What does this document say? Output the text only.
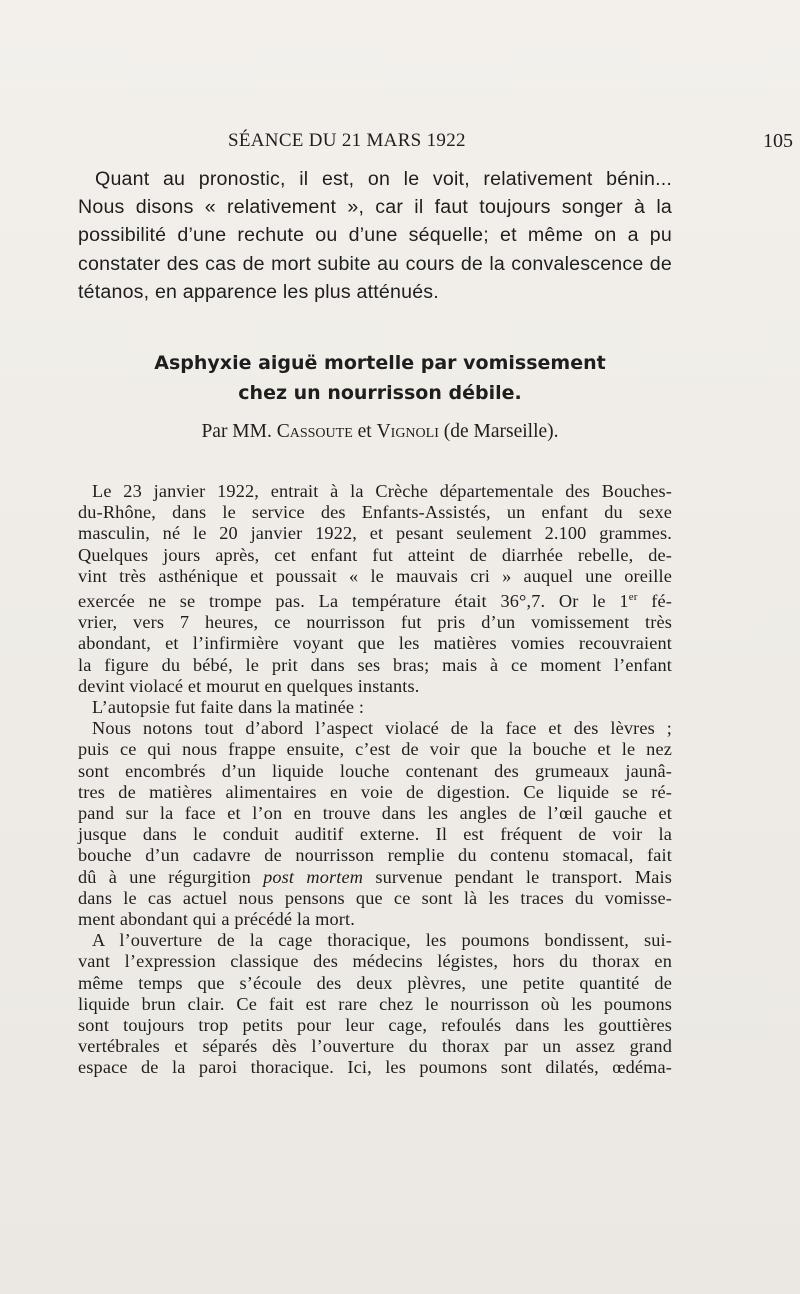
SÉANCE DU 21 MARS 1922	105
Quant au pronostic, il est, on le voit, relativement bénin...
Nous disons « relativement », car il faut toujours songer à la
possibilité d’une rechute ou d’une séquelle; et même on a pu
constater des cas de mort subite au cours de la convalescence de
tétanos, en apparence les plus atténués.
Asphyxie aiguë mortelle par vomissement
chez un nourrisson débile.
Par MM. Cassoute et Vignoli (de Marseille).

Le 23 janvier 1922, entrait à la Crèche départementale des Bouches-
du-Rhône, dans le service des Enfants-Assistés, un enfant du sexe
masculin, né le 20 janvier 1922, et pesant seulement 2.100 grammes.
Quelques jours après, cet enfant fut atteint de diarrhée rebelle, de-
vint très asthénique et poussait « le mauvais cri » auquel une oreille
exercée ne se trompe pas. La température était 36°,7. Or le 1er fé-
vrier, vers 7 heures, ce nourrisson fut pris d’un vomissement très
abondant, et l’infirmière voyant que les matières vomies recouvraient
la figure du bébé, le prit dans ses bras; mais à ce moment l’enfant
devint violacé et mourut en quelques instants.

L’autopsie fut faite dans la matinée :

Nous notons tout d’abord l’aspect violacé de la face et des lèvres ;
puis ce qui nous frappe ensuite, c’est de voir que la bouche et le nez
sont encombrés d’un liquide louche contenant des grumeaux jaunâ-
tres de matières alimentaires en voie de digestion. Ce liquide se ré-
pand sur la face et l’on en trouve dans les angles de l’œil gauche et
jusque dans le conduit auditif externe. Il est fréquent de voir la
bouche d’un cadavre de nourrisson remplie du contenu stomacal, fait
dû à une régurgition post mortem survenue pendant le transport. Mais
dans le cas actuel nous pensons que ce sont là les traces du vomisse-
ment abondant qui a précédé la mort.

A l’ouverture de la cage thoracique, les poumons bondissent, sui-
vant l’expression classique des médecins légistes, hors du thorax en
même temps que s’écoule des deux plèvres, une petite quantité de
liquide brun clair. Ce fait est rare chez le nourrisson où les poumons
sont toujours trop petits pour leur cage, refoulés dans les gouttières
vertébrales et séparés dès l’ouverture du thorax par un assez grand
espace de la paroi thoracique. Ici, les poumons sont dilatés, œdéma-
